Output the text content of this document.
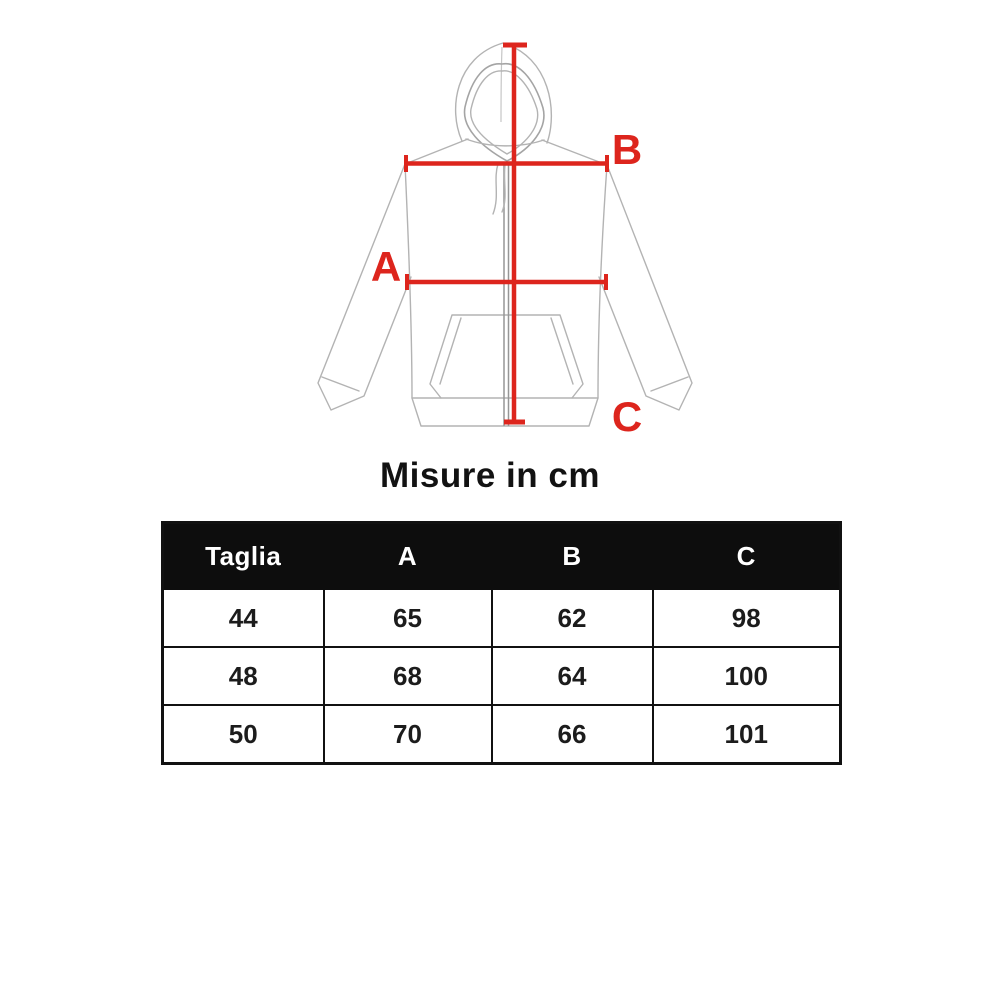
A
B
C
Misure in cm
Taglia	A	B	C
44	65	62	98
48	68	64	100
50	70	66	101
